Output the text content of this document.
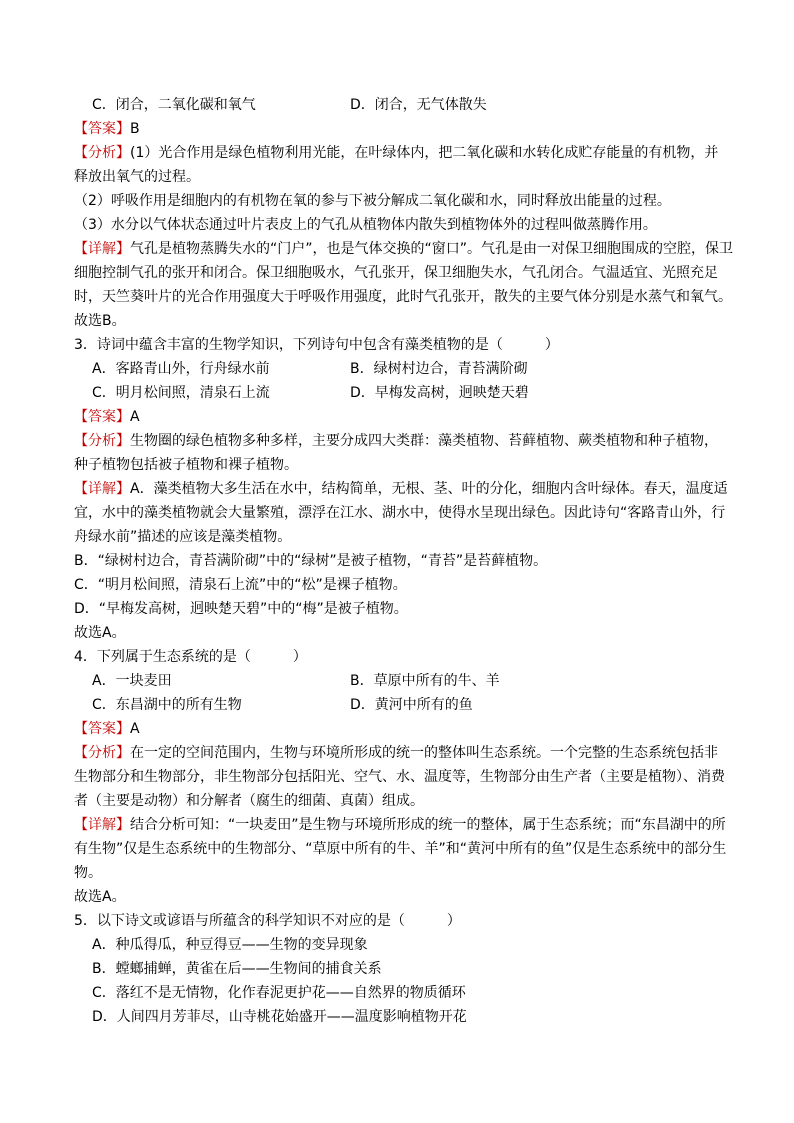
C．闭合，二氧化碳和氧气	D．闭合，无气体散失
【答案】B
【分析】(1）光合作用是绿色植物利用光能，在叶绿体内，把二氧化碳和水转化成贮存能量的有机物，并
释放出氧气的过程。
（2）呼吸作用是细胞内的有机物在氧的参与下被分解成二氧化碳和水，同时释放出能量的过程。
（3）水分以气体状态通过叶片表皮上的气孔从植物体内散失到植物体外的过程叫做蒸腾作用。
【详解】气孔是植物蒸腾失水的“门户”，也是气体交换的“窗口”。气孔是由一对保卫细胞围成的空腔，保卫
细胞控制气孔的张开和闭合。保卫细胞吸水，气孔张开，保卫细胞失水，气孔闭合。气温适宜、光照充足
时，天竺葵叶片的光合作用强度大于呼吸作用强度，此时气孔张开，散失的主要气体分别是水蒸气和氧气。
故选B。
3．诗词中蕴含丰富的生物学知识，下列诗句中包含有藻类植物的是（　　　）
A．客路青山外，行舟绿水前	B．绿树村边合，青苔满阶砌
C．明月松间照，清泉石上流	D．早梅发高树，迥映楚天碧
【答案】A
【分析】生物圈的绿色植物多种多样，主要分成四大类群：藻类植物、苔藓植物、蕨类植物和种子植物，
种子植物包括被子植物和裸子植物。
【详解】A．藻类植物大多生活在水中，结构简单，无根、茎、叶的分化，细胞内含叶绿体。春天，温度适
宜，水中的藻类植物就会大量繁殖，漂浮在江水、湖水中，使得水呈现出绿色。因此诗句“客路青山外，行
舟绿水前”描述的应该是藻类植物。
B．“绿树村边合，青苔满阶砌”中的“绿树”是被子植物，“青苔”是苔藓植物。
C．“明月松间照，清泉石上流”中的“松”是裸子植物。
D．“早梅发高树，迥映楚天碧”中的“梅”是被子植物。
故选A。
4．下列属于生态系统的是（　　　）
A．一块麦田	B．草原中所有的牛、羊
C．东昌湖中的所有生物	D．黄河中所有的鱼
【答案】A
【分析】在一定的空间范围内，生物与环境所形成的统一的整体叫生态系统。一个完整的生态系统包括非
生物部分和生物部分，非生物部分包括阳光、空气、水、温度等，生物部分由生产者（主要是植物）、消费
者（主要是动物）和分解者（腐生的细菌、真菌）组成。
【详解】结合分析可知：“一块麦田”是生物与环境所形成的统一的整体，属于生态系统；而“东昌湖中的所
有生物”仅是生态系统中的生物部分、“草原中所有的牛、羊”和“黄河中所有的鱼”仅是生态系统中的部分生
物。
故选A。
5．以下诗文或谚语与所蕴含的科学知识不对应的是（　　　）
A．种瓜得瓜，种豆得豆——生物的变异现象
B．螳螂捕蝉，黄雀在后——生物间的捕食关系
C．落红不是无情物，化作春泥更护花——自然界的物质循环
D．人间四月芳菲尽，山寺桃花始盛开——温度影响植物开花
